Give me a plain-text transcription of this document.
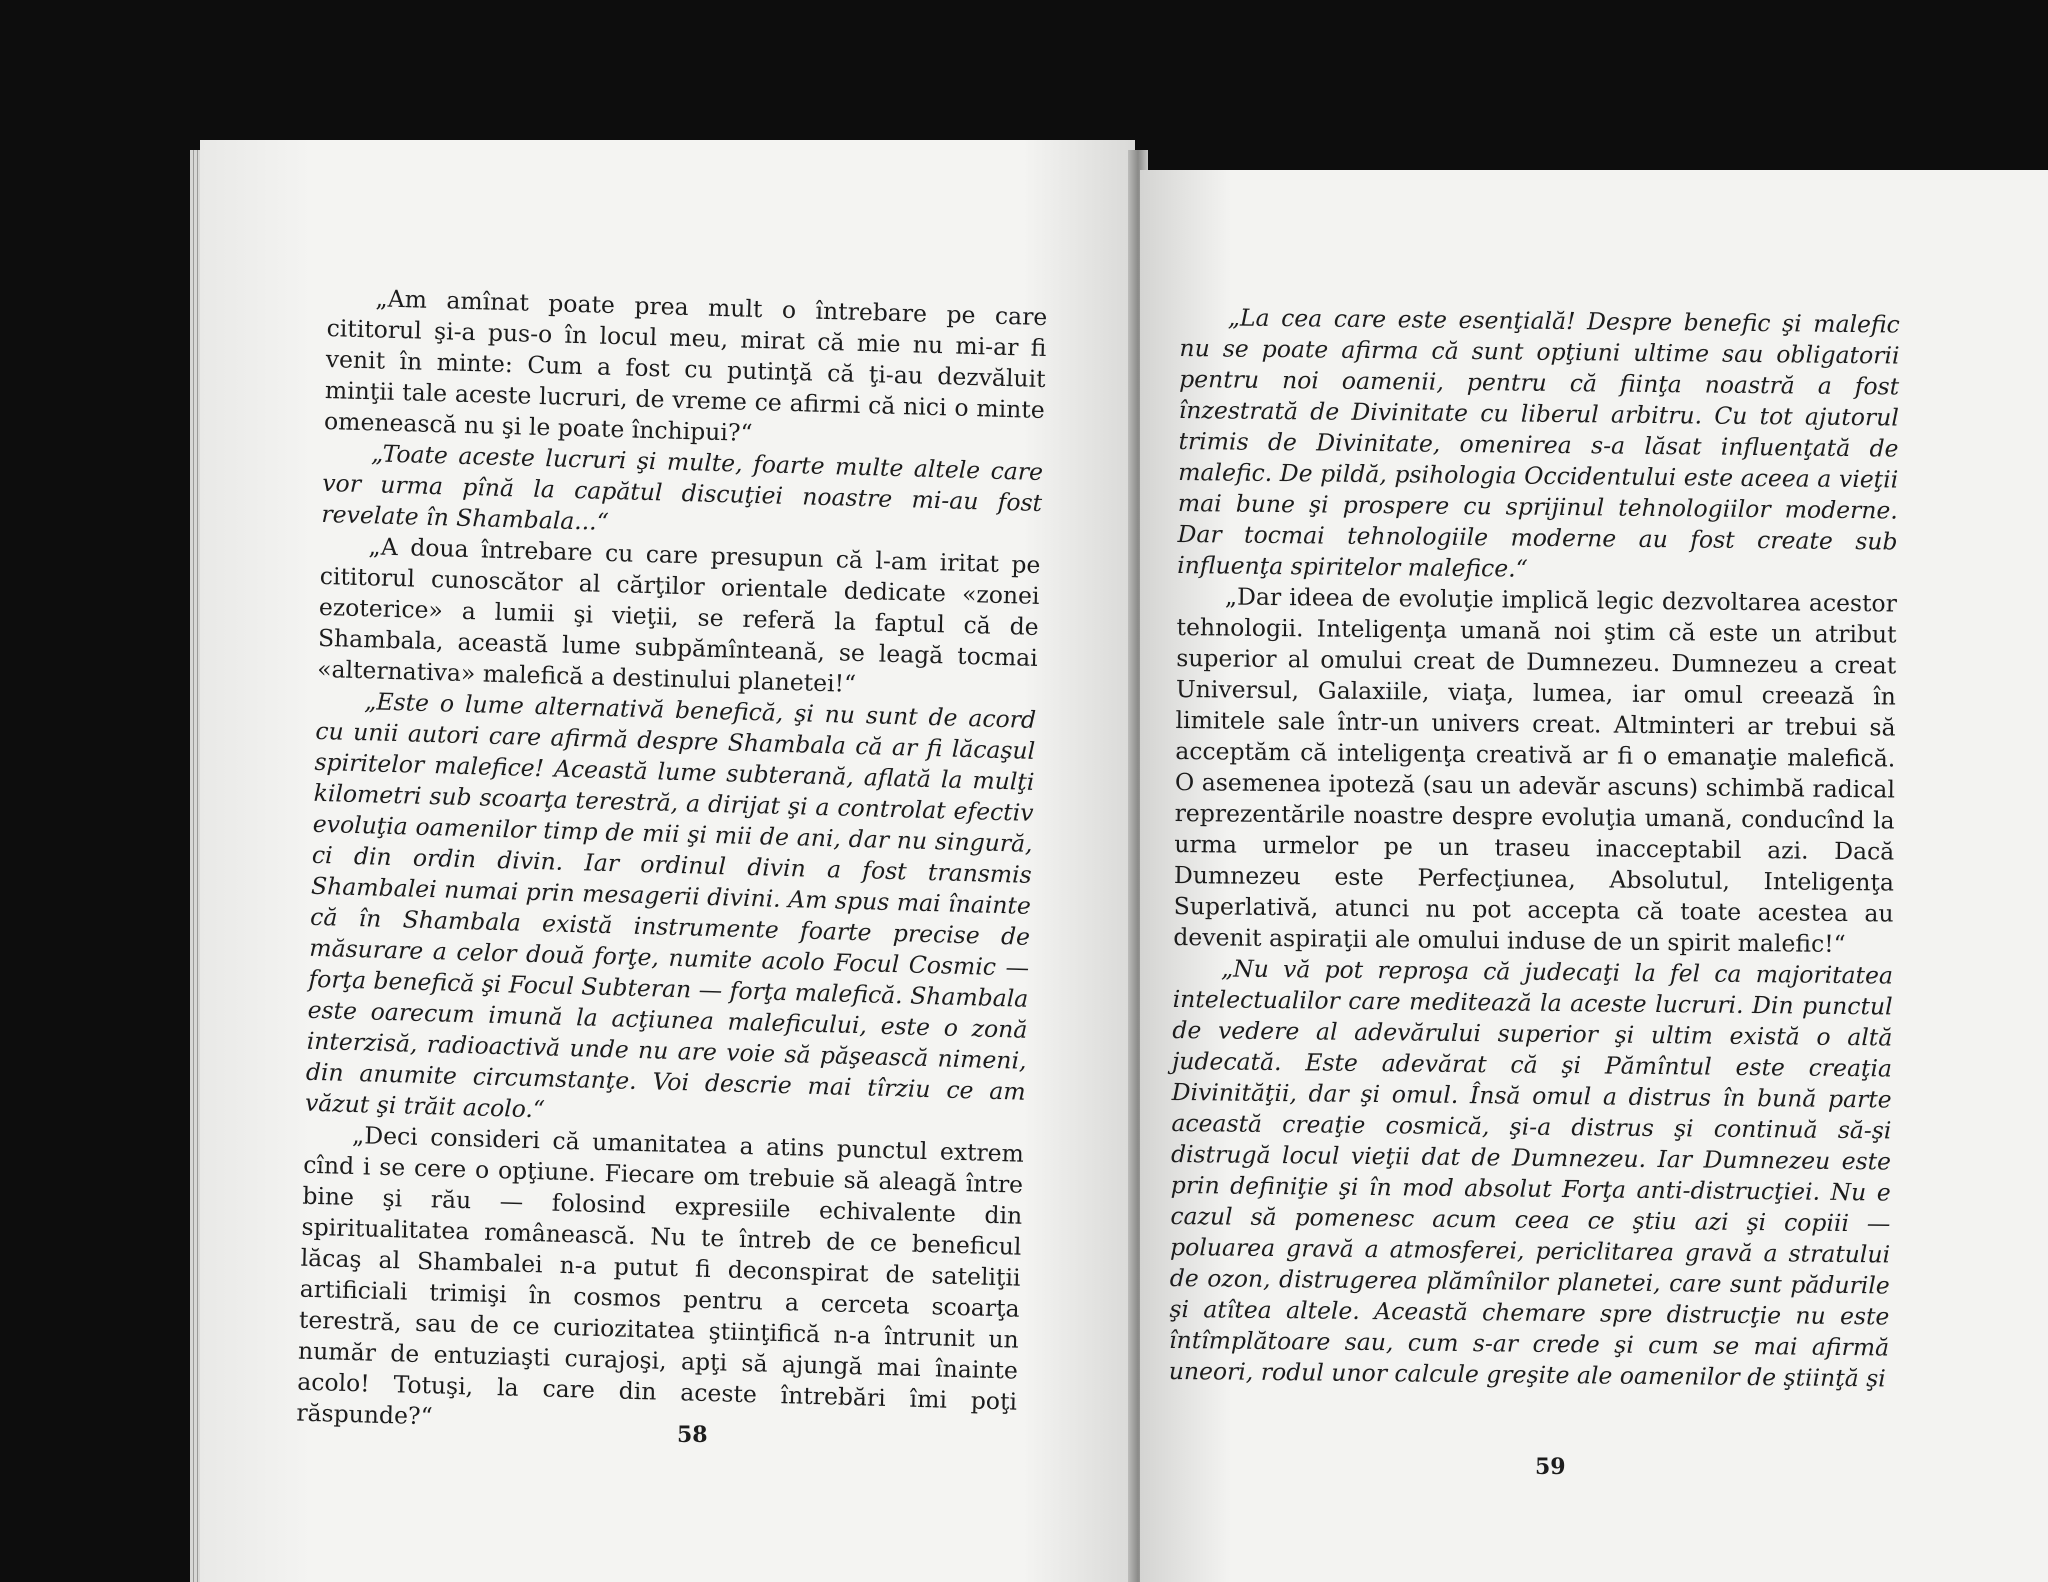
„Am amînat poate prea mult o întrebare pe care cititorul şi-a pus-o în locul meu, mirat că mie nu mi-ar fi venit în minte: Cum a fost cu putinţă că ţi-au dezvăluit minţii tale aceste lucruri, de vreme ce afirmi că nici o minte omenească nu şi le poate închipui?“

„Toate aceste lucruri şi multe, foarte multe altele care vor urma pînă la capătul discuţiei noastre mi-au fost revelate în Shambala...“

„A doua întrebare cu care presupun că l-am iritat pe cititorul cunoscător al cărţilor orientale dedicate «zonei ezoterice» a lumii şi vieţii, se referă la faptul că de Shambala, această lume subpămînteană, se leagă tocmai «alternativa» malefică a destinului planetei!“

„Este o lume alternativă benefică, şi nu sunt de acord cu unii autori care afirmă despre Shambala că ar fi lăcaşul spiritelor malefice! Această lume subterană, aflată la mulţi kilometri sub scoarţa terestră, a dirijat şi a controlat efectiv evoluţia oamenilor timp de mii şi mii de ani, dar nu singură, ci din ordin divin. Iar ordinul divin a fost transmis Shambalei numai prin mesagerii divini. Am spus mai înainte că în Shambala există instrumente foarte precise de măsurare a celor două forţe, numite acolo Focul Cosmic — forţa benefică şi Focul Subteran — forţa malefică. Shambala este oarecum imună la acţiunea maleficului, este o zonă interzisă, radioactivă unde nu are voie să păşească nimeni, din anumite circumstanţe. Voi descrie mai tîrziu ce am văzut şi trăit acolo.“

„Deci consideri că umanitatea a atins punctul extrem cînd i se cere o opţiune. Fiecare om trebuie să aleagă între bine şi rău — folosind expresiile echivalente din spiritualitatea românească. Nu te întreb de ce beneficul lăcaş al Shambalei n-a putut fi deconspirat de sateliţii artificiali trimişi în cosmos pentru a cerceta scoarţa terestră, sau de ce curiozitatea ştiinţifică n-a întrunit un număr de entuziaşti curajoşi, apţi să ajungă mai înainte acolo! Totuşi, la care din aceste întrebări îmi poţi răspunde?“

58

„La cea care este esenţială! Despre benefic şi malefic nu se poate afirma că sunt opţiuni ultime sau obligatorii pentru noi oamenii, pentru că fiinţa noastră a fost înzestrată de Divinitate cu liberul arbitru. Cu tot ajutorul trimis de Divinitate, omenirea s-a lăsat influenţată de malefic. De pildă, psihologia Occidentului este aceea a vieţii mai bune şi prospere cu sprijinul tehnologiilor moderne. Dar tocmai tehnologiile moderne au fost create sub influenţa spiritelor malefice.“

„Dar ideea de evoluţie implică legic dezvoltarea acestor tehnologii. Inteligenţa umană noi ştim că este un atribut superior al omului creat de Dumnezeu. Dumnezeu a creat Universul, Galaxiile, viaţa, lumea, iar omul creează în limitele sale într-un univers creat. Altminteri ar trebui să acceptăm că inteligenţa creativă ar fi o emanaţie malefică. O asemenea ipoteză (sau un adevăr ascuns) schimbă radical reprezentările noastre despre evoluţia umană, conducînd la urma urmelor pe un traseu inacceptabil azi. Dacă Dumnezeu este Perfecţiunea, Absolutul, Inteligenţa Superlativă, atunci nu pot accepta că toate acestea au devenit aspiraţii ale omului induse de un spirit malefic!“

„Nu vă pot reproşa că judecaţi la fel ca majoritatea intelectualilor care meditează la aceste lucruri. Din punctul de vedere al adevărului superior şi ultim există o altă judecată. Este adevărat că şi Pămîntul este creaţia Divinităţii, dar şi omul. Însă omul a distrus în bună parte această creaţie cosmică, şi-a distrus şi continuă să-şi distrugă locul vieţii dat de Dumnezeu. Iar Dumnezeu este prin definiţie şi în mod absolut Forţa anti-distrucţiei. Nu e cazul să pomenesc acum ceea ce ştiu azi şi copiii — poluarea gravă a atmosferei, periclitarea gravă a stratului de ozon, distrugerea plămînilor planetei, care sunt pădurile şi atîtea altele. Această chemare spre distrucţie nu este întîmplătoare sau, cum s-ar crede şi cum se mai afirmă uneori, rodul unor calcule greşite ale oamenilor de ştiinţă şi

59
